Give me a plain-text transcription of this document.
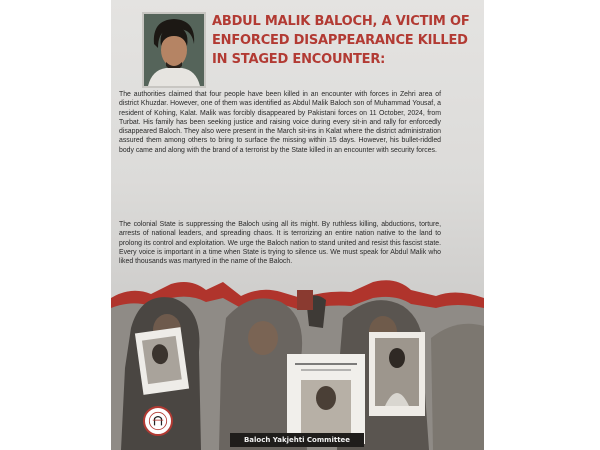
ABDUL MALIK BALOCH, A VICTIM OF ENFORCED DISAPPEARANCE KILLED IN STAGED ENCOUNTER:

The authorities claimed that four people have been killed in an encounter with forces in Zehri area of district Khuzdar. However, one of them was identified as Abdul Malik Baloch son of Muhammad Yousaf, a resident of Kohing, Kalat. Malik was forcibly disappeared by Pakistani forces on 11 October, 2024, from Turbat. His family has been seeking justice and raising voice during every sit-in and rally for enforcedly disappeared Baloch. They also were present in the March sit-ins in Kalat where the district administration assured them among others to bring to surface the missing within 15 days. However, his bullet-riddled body came and along with the brand of a terrorist by the State killed in an encounter with security forces.

The colonial State is suppressing the Baloch using all its might. By ruthless killing, abductions, torture, arrests of national leaders, and spreading chaos. It is terrorizing an entire nation native to the land to prolong its control and exploitation. We urge the Baloch nation to stand united and resist this fascist state. Every voice is important in a time when State is trying to silence us. We must speak for Abdul Malik who liked thousands was martyred in the name of the Baloch.

Baloch Yakjehti Committee
